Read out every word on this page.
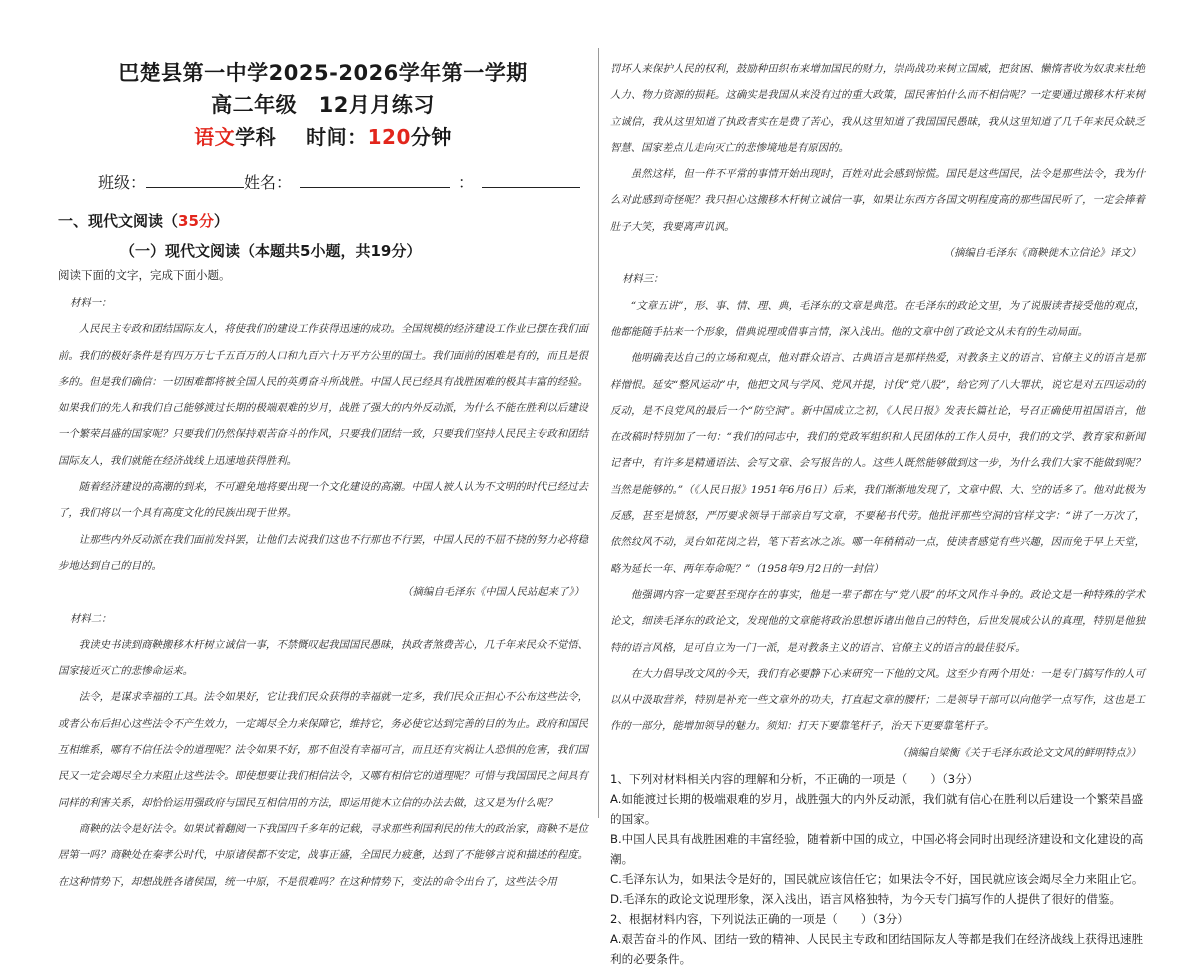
巴楚县第一中学2025-2026学年第一学期
高二年级　12月月练习
语文学科 时间：120分钟
班级：	姓名：	：
一、现代文阅读（35分）
（一）现代文阅读（本题共5小题，共19分）
阅读下面的文字，完成下面小题。

材料一：

人民民主专政和团结国际友人，将使我们的建设工作获得迅速的成功。全国规模的经济建设工作业已摆在我们面前。我们的极好条件是有四万万七千五百万的人口和九百六十万平方公里的国土。我们面前的困难是有的，而且是很多的。但是我们确信：一切困难都将被全国人民的英勇奋斗所战胜。中国人民已经具有战胜困难的极其丰富的经验。如果我们的先人和我们自己能够渡过长期的极端艰难的岁月，战胜了强大的内外反动派，为什么不能在胜利以后建设一个繁荣昌盛的国家呢？只要我们仍然保持艰苦奋斗的作风，只要我们团结一致，只要我们坚持人民民主专政和团结国际友人，我们就能在经济战线上迅速地获得胜利。

随着经济建设的高潮的到来，不可避免地将要出现一个文化建设的高潮。中国人被人认为不文明的时代已经过去了，我们将以一个具有高度文化的民族出现于世界。

让那些内外反动派在我们面前发抖罢，让他们去说我们这也不行那也不行罢，中国人民的不屈不挠的努力必将稳步地达到自己的目的。

（摘编自毛泽东《中国人民站起来了》）

材料二：

我读史书读到商鞅搬移木杆树立诚信一事，不禁慨叹起我国国民愚昧，执政者煞费苦心，几千年来民众不觉悟、国家接近灭亡的悲惨命运来。

法令，是谋求幸福的工具。法令如果好，它让我们民众获得的幸福就一定多，我们民众正担心不公布这些法令，或者公布后担心这些法令不产生效力，一定竭尽全力来保障它，维持它，务必使它达到完善的目的为止。政府和国民互相维系，哪有不信任法令的道理呢？法令如果不好，那不但没有幸福可言，而且还有灾祸让人恐惧的危害，我们国民又一定会竭尽全力来阻止这些法令。即使想要让我们相信法令，又哪有相信它的道理呢？可惜与我国国民之间具有同样的利害关系，却恰恰运用强政府与国民互相信用的方法，即运用徙木立信的办法去做，这又是为什么呢？

商鞅的法令是好法令。如果试着翻阅一下我国四千多年的记载，寻求那些利国利民的伟大的政治家，商鞅不是位居第一吗？商鞅处在秦孝公时代，中原诸侯都不安定，战事正盛，全国民力疲惫，达到了不能够言说和描述的程度。在这种情势下，却想战胜各诸侯国，统一中原，不是很难吗？在这种情势下，变法的命令出台了，这些法令用

罚坏人来保护人民的权利，鼓励种田织布来增加国民的财力，崇尚战功来树立国威，把贫困、懒惰者收为奴隶来杜绝人力、物力资源的损耗。这确实是我国从来没有过的重大政策，国民害怕什么而不相信呢？一定要通过搬移木杆来树立诚信，我从这里知道了执政者实在是费了苦心，我从这里知道了我国国民愚昧，我从这里知道了几千年来民众缺乏智慧、国家差点儿走向灭亡的悲惨境地是有原因的。

虽然这样，但一件不平常的事情开始出现时，百姓对此会感到惊慌。国民是这些国民，法令是那些法令，我为什么对此感到奇怪呢？我只担心这搬移木杆树立诚信一事，如果让东西方各国文明程度高的那些国民听了，一定会捧着肚子大笑，我要离声讥讽。

（摘编自毛泽东《商鞅徙木立信论》译文）

材料三：

“文章五讲”，形、事、情、理、典，毛泽东的文章是典范。在毛泽东的政论文里，为了说服读者接受他的观点，他都能随手拈来一个形象，借典说理或借事言情，深入浅出。他的文章中创了政论文从未有的生动局面。

他明确表达自己的立场和观点，他对群众语言、古典语言是那样热爱，对教条主义的语言、官僚主义的语言是那样憎恨。延安“整风运动”中，他把文风与学风、党风并提，讨伐“党八股”，给它列了八大罪状，说它是对五四运动的反动，是不良党风的最后一个“防空洞”。新中国成立之初，《人民日报》发表长篇社论，号召正确使用祖国语言，他在改稿时特别加了一句：“我们的同志中，我们的党政军组织和人民团体的工作人员中，我们的文学、教育家和新闻记者中，有许多是精通语法、会写文章、会写报告的人。这些人既然能够做到这一步，为什么我们大家不能做到呢？当然是能够的。”（《人民日报》1951年6月6日）后来，我们渐渐地发现了，文章中假、大、空的话多了。他对此极为反感，甚至是愤怒，严厉要求领导干部亲自写文章，不要秘书代劳。他批评那些空洞的官样文字：“讲了一万次了，依然纹风不动，灵台如花岗之岩，笔下若玄冰之冻。哪一年稍稍动一点，使读者感觉有些兴趣，因而免于早上天堂，略为延长一年、两年寿命呢？”（1958年9月2日的一封信）

他强调内容一定要甚至现存在的事实，他是一辈子都在与“党八股”的坏文风作斗争的。政论文是一种特殊的学术论文，细读毛泽东的政论文，发现他的文章能将政治思想诉诸出他自己的特色，后世发展成公认的真理，特别是他独特的语言风格，足可自立为一门一派，是对教条主义的语言、官僚主义的语言的最佳驳斥。

在大力倡导改文风的今天，我们有必要静下心来研究一下他的文风。这至少有两个用处：一是专门搞写作的人可以从中汲取营养，特别是补充一些文章外的功夫，打直起文章的腰杆；二是领导干部可以向他学一点写作，这也是工作的一部分，能增加领导的魅力。须知：打天下要靠笔杆子，治天下更要靠笔杆子。

（摘编自梁衡《关于毛泽东政论文文风的鲜明特点》）

1、下列对材料相关内容的理解和分析，不正确的一项是（　　）（3分）

A.如能渡过长期的极端艰难的岁月，战胜强大的内外反动派，我们就有信心在胜利以后建设一个繁荣昌盛的国家。

B.中国人民具有战胜困难的丰富经验，随着新中国的成立，中国必将会同时出现经济建设和文化建设的高潮。

C.毛泽东认为，如果法令是好的，国民就应该信任它；如果法令不好，国民就应该会竭尽全力来阻止它。

D.毛泽东的政论文说理形象，深入浅出，语言风格独特，为今天专门搞写作的人提供了很好的借鉴。

2、根据材料内容，下列说法正确的一项是（　　）（3分）

A.艰苦奋斗的作风、团结一致的精神、人民民主专政和团结国际友人等都是我们在经济战线上获得迅速胜利的必要条件。
